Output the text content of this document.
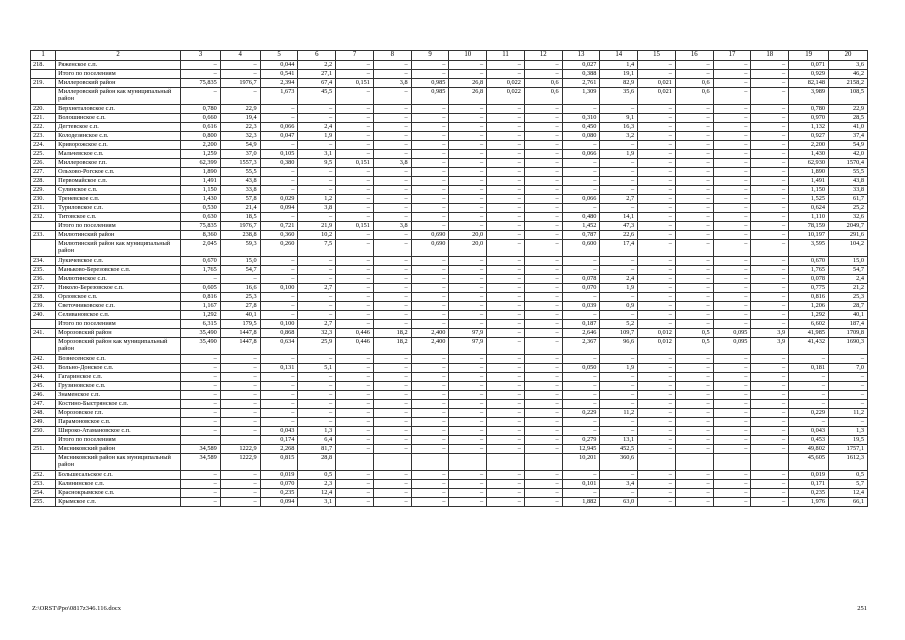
1	2	3	4	5	6	7	8	9	10	11	12	13	14	15	16	17	18	19	20
218.	Ряженское с.п.	–	–	0,044	2,2	–	–	–	–	–	–	0,027	1,4	–	–	–	–	0,071	3,6
	Итого по поселениям	–	–	0,541	27,1	–	–	–	–	–	–	0,388	19,1	–	–	–	–	0,929	46,2
219.	Миллеровский район	75,835	1976,7	2,394	67,4	0,151	3,8	0,985	26,8	0,022	0,6	2,761	82,9	0,021	0,6	–	–	82,148	2158,2
	Миллеровский район как муниципальный район	–	–	1,673	45,5	–	–	0,985	26,8	0,022	0,6	1,309	35,6	0,021	0,6	–	–	3,989	108,5
220.	Верхнеталовское с.п.	0,780	22,9	–	–	–	–	–	–	–	–	–	–	–	–	–	–	0,780	22,9
221.	Волошинское с.п.	0,660	19,4	–	–	–	–	–	–	–	–	0,310	9,1	–	–	–	–	0,970	28,5
222.	Дегтевское с.п.	0,616	22,3	0,066	2,4	–	–	–	–	–	–	0,450	16,3	–	–	–	–	1,132	41,0
223.	Колодезянское с.п.	0,800	32,3	0,047	1,9	–	–	–	–	–	–	0,080	3,2	–	–	–	–	0,927	37,4
224.	Криворожское с.п.	2,200	54,9	–	–	–	–	–	–	–	–	–	–	–	–	–	–	2,200	54,9
225.	Мальчевское с.п.	1,259	37,0	0,105	3,1	–	–	–	–	–	–	0,066	1,9	–	–	–	–	1,430	42,0
226.	Миллеровское г.п.	62,399	1557,3	0,380	9,5	0,151	3,8	–	–	–	–	–	–	–	–	–	–	62,930	1570,4
227.	Ольхово-Рогское с.п.	1,890	55,5	–	–	–	–	–	–	–	–	–	–	–	–	–	–	1,890	55,5
228.	Первомайское с.п.	1,491	43,8	–	–	–	–	–	–	–	–	–	–	–	–	–	–	1,491	43,8
229.	Сулинское с.п.	1,150	33,8	–	–	–	–	–	–	–	–	–	–	–	–	–	–	1,150	33,8
230.	Треневское с.п.	1,430	57,8	0,029	1,2	–	–	–	–	–	–	0,066	2,7	–	–	–	–	1,525	61,7
231.	Туриловское с.п.	0,530	21,4	0,094	3,8	–	–	–	–	–	–	–	–	–	–	–	–	0,624	25,2
232.	Титовское с.п.	0,630	18,5	–	–	–	–	–	–	–	–	0,480	14,1	–	–	–	–	1,110	32,6
	Итого по поселениям	75,835	1976,7	0,721	21,9	0,151	3,8	–	–	–	–	1,452	47,3	–	–	–	–	78,159	2049,7
233.	Милютинский район	8,360	238,8	0,360	10,2	–	–	0,690	20,0	–	–	0,787	22,6	–	–	–	–	10,197	291,6
	Милютинский район как муниципальный район	2,045	59,3	0,260	7,5	–	–	0,690	20,0	–	–	0,600	17,4	–	–	–	–	3,595	104,2
234.	Лукичевское с.п.	0,670	15,0	–	–	–	–	–	–	–	–	–	–	–	–	–	–	0,670	15,0
235.	Маньково-Березовское с.п.	1,765	54,7	–	–	–	–	–	–	–	–	–	–	–	–	–	–	1,765	54,7
236.	Милютинское с.п.	–	–	–	–	–	–	–	–	–	–	0,078	2,4	–	–	–	–	0,078	2,4
237.	Николо-Березовское с.п.	0,605	16,6	0,100	2,7	–	–	–	–	–	–	0,070	1,9	–	–	–	–	0,775	21,2
238.	Орловское с.п.	0,816	25,3	–	–	–	–	–	–	–	–	–	–	–	–	–	–	0,816	25,3
239.	Светочниковское с.п.	1,167	27,8	–	–	–	–	–	–	–	–	0,039	0,9	–	–	–	–	1,206	28,7
240.	Селивановское с.п.	1,292	40,1	–	–	–	–	–	–	–	–	–	–	–	–	–	–	1,292	40,1
	Итого по поселениям	6,315	179,5	0,100	2,7	–	–	–	–	–	–	0,187	5,2	–	–	–	–	6,602	187,4
241.	Морозовский район	35,490	1447,8	0,868	32,3	0,446	18,2	2,400	97,9	–	–	2,646	109,7	0,012	0,5	0,095	3,9	41,985	1709,8
	Морозовский район как муниципальный район	35,490	1447,8	0,634	25,9	0,446	18,2	2,400	97,9	–	–	2,367	96,6	0,012	0,5	0,095	3,9	41,432	1690,3
242.	Вознесенское с.п.	–	–	–	–	–	–	–	–	–	–	–	–	–	–	–	–	–	–
243.	Вольно-Донское с.п.	–	–	0,131	5,1	–	–	–	–	–	–	0,050	1,9	–	–	–	–	0,181	7,0
244.	Гагаринское с.п.	–	–	–	–	–	–	–	–	–	–	–	–	–	–	–	–	–	–
245.	Грузиновское с.п.	–	–	–	–	–	–	–	–	–	–	–	–	–	–	–	–	–	–
246.	Знаменское с.п.	–	–	–	–	–	–	–	–	–	–	–	–	–	–	–	–	–	–
247.	Костино-Быстрянское с.п.	–	–	–	–	–	–	–	–	–	–	–	–	–	–	–	–	–	–
248.	Морозовское г.п.	–	–	–	–	–	–	–	–	–	–	0,229	11,2	–	–	–	–	0,229	11,2
249.	Парамоновское с.п.	–	–	–	–	–	–	–	–	–	–	–	–	–	–	–	–	–	–
250.	Широко-Атамановское с.п.	–	–	0,043	1,3	–	–	–	–	–	–	–	–	–	–	–	–	0,043	1,3
	Итого по поселениям			0,174	6,4	–	–	–	–	–	–	0,279	13,1	–	–	–	–	0,453	19,5
251.	Мясниковский район	34,589	1222,9	2,268	81,7	–	–	–	–	–	–	12,945	452,5	–	–	–	–	49,802	1757,1
	Мясниковский район как муниципальный район	34,589	1222,9	0,815	28,8							10,201	360,6					45,605	1612,3
252.	Большесальское с.п.	–	–	0,019	0,5	–	–	–	–	–	–	–	–	–	–	–	–	0,019	0,5
253.	Калининское с.п.	–	–	0,070	2,3	–	–	–	–	–	–	0,101	3,4	–	–	–	–	0,171	5,7
254.	Краснокрымское с.п.	–	–	0,235	12,4	–	–	–	–	–	–	–	–	–	–	–	–	0,235	12,4
255.	Крымское с.п.	–	–	0,094	3,1	–	–	–	–	–	–	1,882	63,0	–	–	–	–	1,976	66,1
Z:\ORST\Ppo\0817z346.116.docx	251
